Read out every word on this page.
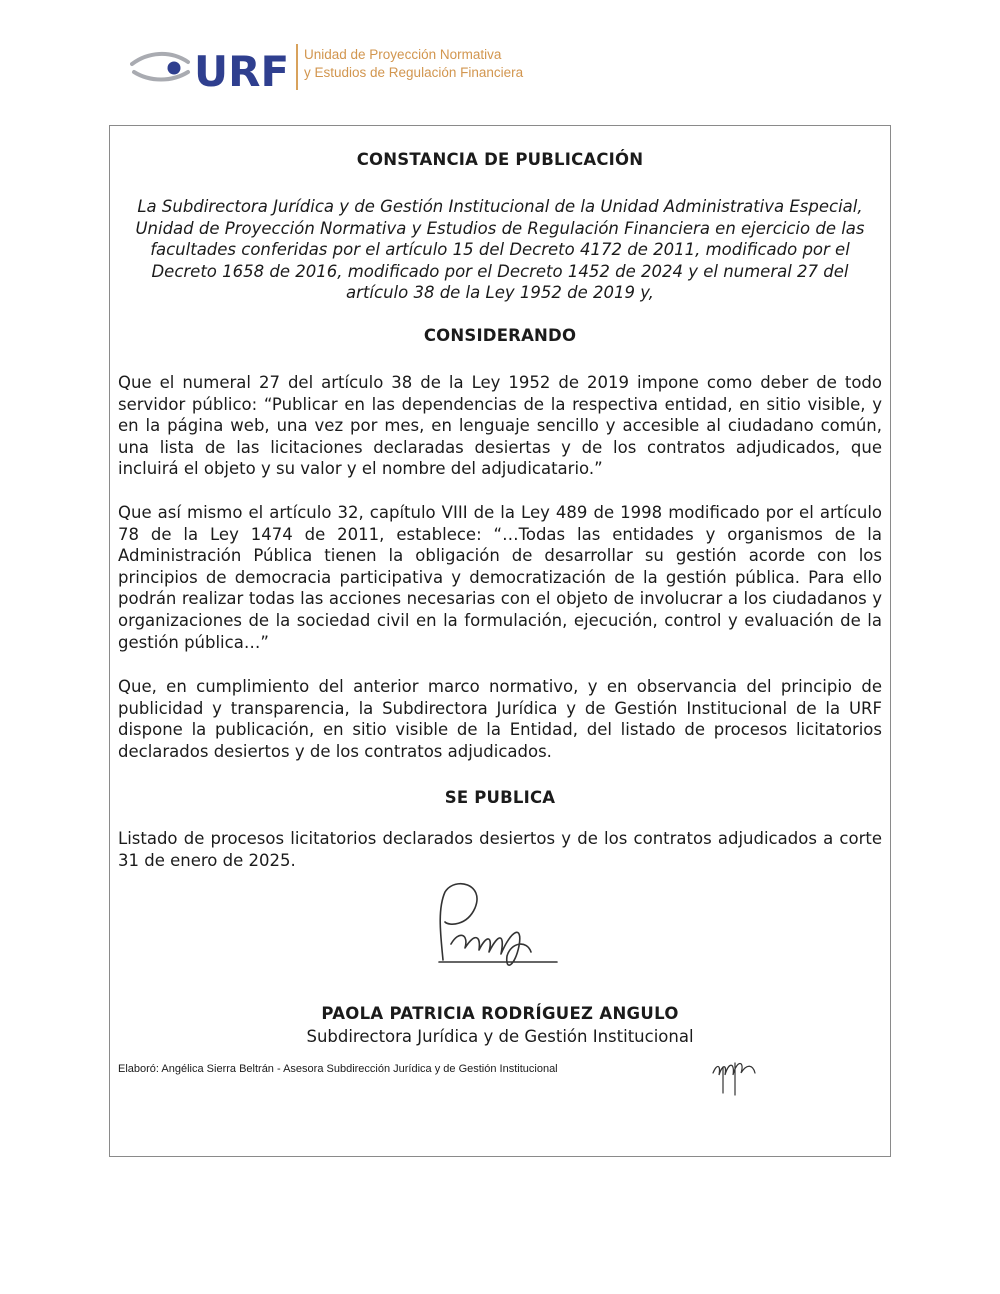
URF Unidad de Proyección Normativa
y Estudios de Regulación Financiera
CONSTANCIA DE PUBLICACIÓN
La Subdirectora Jurídica y de Gestión Institucional de la Unidad Administrativa Especial, Unidad de Proyección Normativa y Estudios de Regulación Financiera en ejercicio de las facultades conferidas por el artículo 15 del Decreto 4172 de 2011, modificado por el Decreto 1658 de 2016, modificado por el Decreto 1452 de 2024 y el numeral 27 del artículo 38 de la Ley 1952 de 2019 y,
CONSIDERANDO
Que el numeral 27 del artículo 38 de la Ley 1952 de 2019 impone como deber de todo servidor público: “Publicar en las dependencias de la respectiva entidad, en sitio visible, y en la página web, una vez por mes, en lenguaje sencillo y accesible al ciudadano común, una lista de las licitaciones declaradas desiertas y de los contratos adjudicados, que incluirá el objeto y su valor y el nombre del adjudicatario.”
Que así mismo el artículo 32, capítulo VIII de la Ley 489 de 1998 modificado por el artículo 78 de la Ley 1474 de 2011, establece: “…Todas las entidades y organismos de la Administración Pública tienen la obligación de desarrollar su gestión acorde con los principios de democracia participativa y democratización de la gestión pública. Para ello podrán realizar todas las acciones necesarias con el objeto de involucrar a los ciudadanos y organizaciones de la sociedad civil en la formulación, ejecución, control y evaluación de la gestión pública…”
Que, en cumplimiento del anterior marco normativo, y en observancia del principio de publicidad y transparencia, la Subdirectora Jurídica y de Gestión Institucional de la URF dispone la publicación, en sitio visible de la Entidad, del listado de procesos licitatorios declarados desiertos y de los contratos adjudicados.
SE PUBLICA
Listado de procesos licitatorios declarados desiertos y de los contratos adjudicados a corte 31 de enero de 2025.
PAOLA PATRICIA RODRÍGUEZ ANGULO
Subdirectora Jurídica y de Gestión Institucional
Elaboró: Angélica Sierra Beltrán - Asesora Subdirección Jurídica y de Gestión Institucional
